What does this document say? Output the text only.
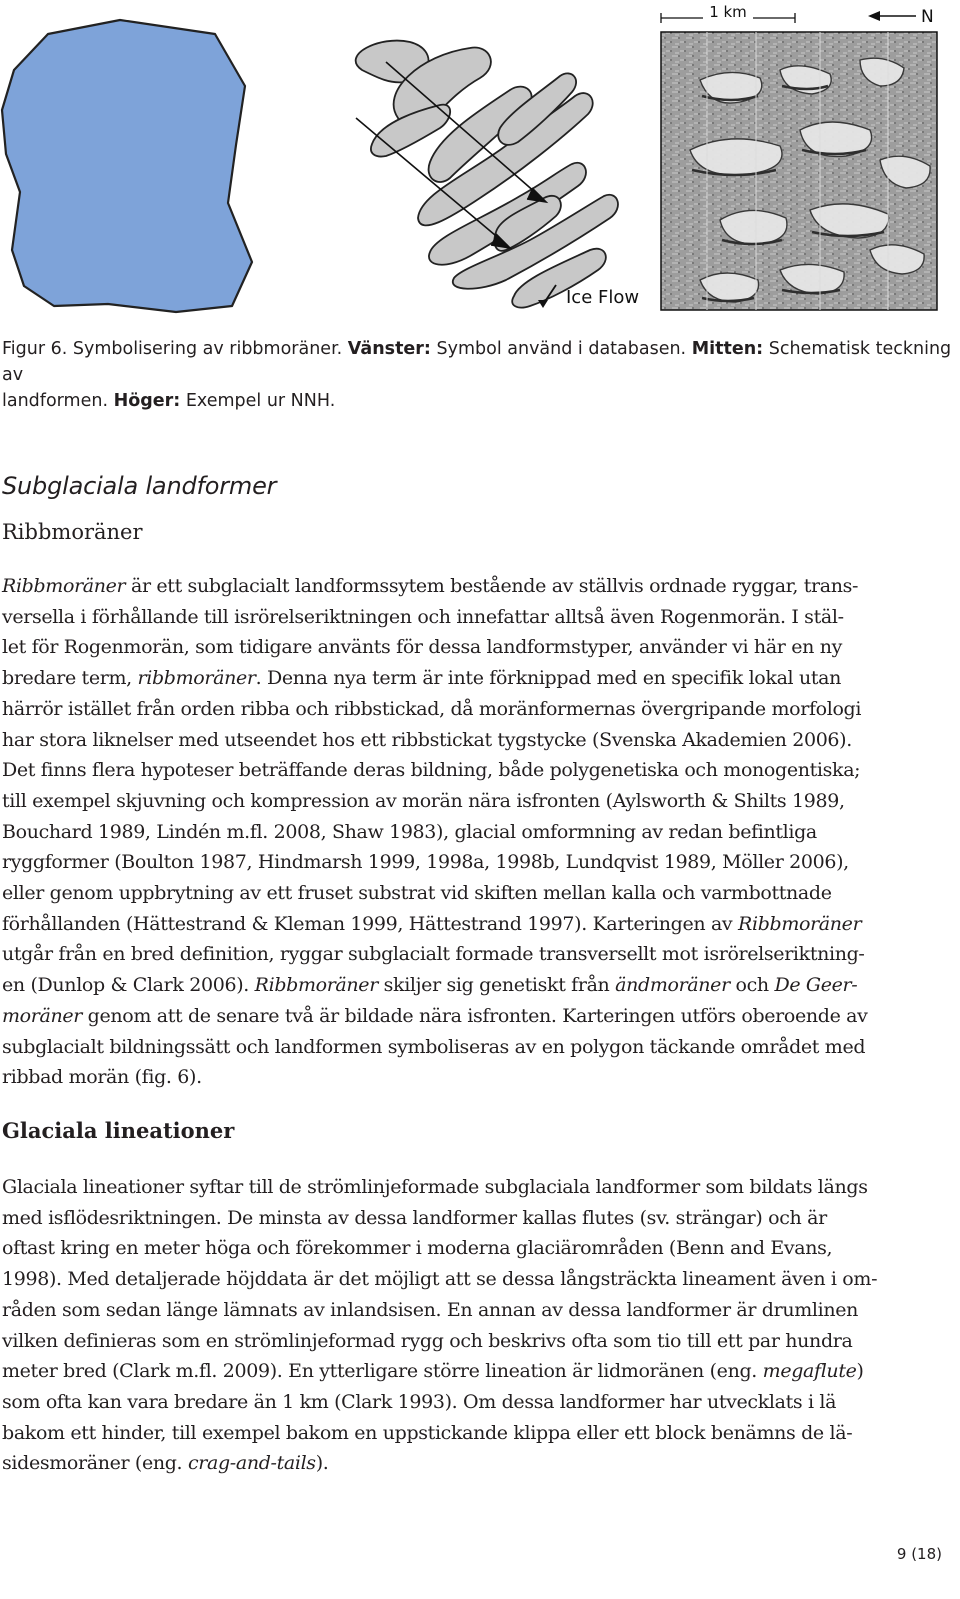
Ice Flow
1 km	N
Figur 6. Symbolisering av ribbmoräner. Vänster: Symbol använd i databasen. Mitten: Schematisk teckning av
landformen. Höger: Exempel ur NNH.
Subglaciala landformer
Ribbmoräner
Ribbmoräner är ett subglacialt landformssytem bestående av ställvis ordnade ryggar, trans-
versella i förhållande till isrörelseriktningen och innefattar alltså även Rogenmorän. I stäl-
let för Rogenmorän, som tidigare använts för dessa landformstyper, använder vi här en ny
bredare term, ribbmoräner. Denna nya term är inte förknippad med en specifik lokal utan
härrör istället från orden ribba och ribbstickad, då moränformernas övergripande morfologi
har stora liknelser med utseendet hos ett ribbstickat tygstycke (Svenska Akademien 2006).
Det finns flera hypoteser beträffande deras bildning, både polygenetiska och monogentiska;
till exempel skjuvning och kompression av morän nära isfronten (Aylsworth & Shilts 1989,
Bouchard 1989, Lindén m.fl. 2008, Shaw 1983), glacial omformning av redan befintliga
ryggformer (Boulton 1987, Hindmarsh 1999, 1998a, 1998b, Lundqvist 1989, Möller 2006),
eller genom uppbrytning av ett fruset substrat vid skiften mellan kalla och varmbottnade
förhållanden (Hättestrand & Kleman 1999, Hättestrand 1997). Karteringen av Ribbmoräner
utgår från en bred definition, ryggar subglacialt formade transversellt mot isrörelseriktning-
en (Dunlop & Clark 2006). Ribbmoräner skiljer sig genetiskt från ändmoräner och De Geer-
moräner genom att de senare två är bildade nära isfronten. Karteringen utförs oberoende av
subglacialt bildningssätt och landformen symboliseras av en polygon täckande området med
ribbad morän (fig. 6).
Glaciala lineationer
Glaciala lineationer syftar till de strömlinjeformade subglaciala landformer som bildats längs
med isflödesriktningen. De minsta av dessa landformer kallas flutes (sv. strängar) och är
oftast kring en meter höga och förekommer i moderna glaciärområden (Benn and Evans,
1998). Med detaljerade höjddata är det möjligt att se dessa långsträckta lineament även i om-
råden som sedan länge lämnats av inlandsisen. En annan av dessa landformer är drumlinen
vilken definieras som en strömlinjeformad rygg och beskrivs ofta som tio till ett par hundra
meter bred (Clark m.fl. 2009). En ytterligare större lineation är lidmoränen (eng. megaflute)
som ofta kan vara bredare än 1 km (Clark 1993). Om dessa landformer har utvecklats i lä
bakom ett hinder, till exempel bakom en uppstickande klippa eller ett block benämns de lä-
sidesmoräner (eng. crag-and-tails).
9 (18)
